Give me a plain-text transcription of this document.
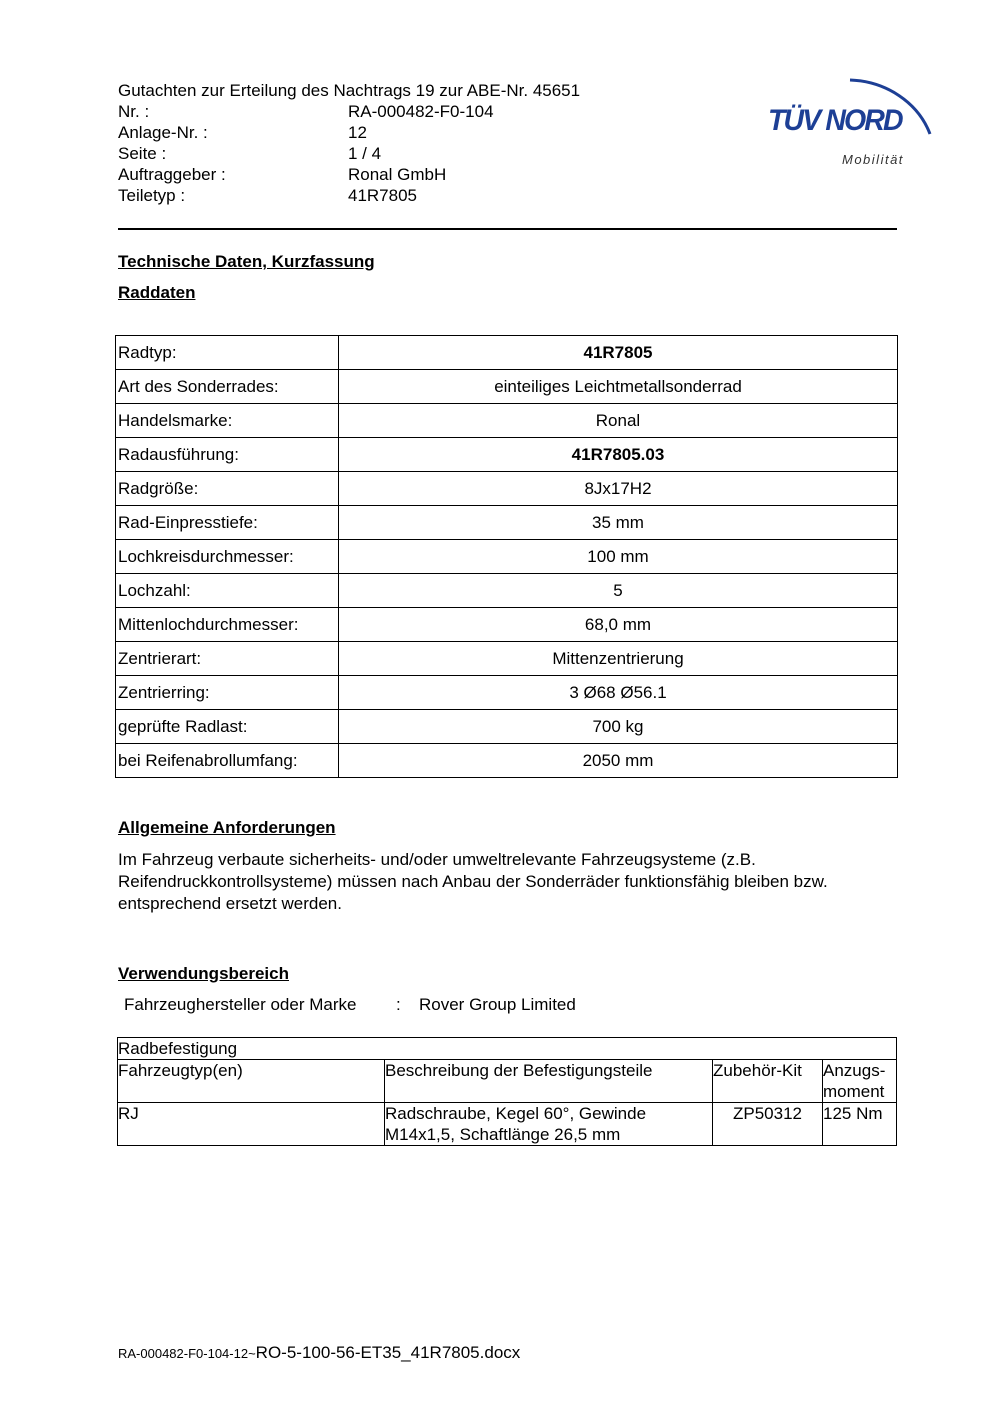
Gutachten zur Erteilung des Nachtrags 19 zur ABE-Nr. 45651
Nr. :	RA-000482-F0-104
Anlage-Nr. :	12
Seite :	1 / 4
Auftraggeber :	Ronal GmbH
Teiletyp :	41R7805
TÜV NORD
Mobilität
Technische Daten, Kurzfassung
Raddaten
Radtyp:	41R7805
Art des Sonderrades:	einteiliges Leichtmetallsonderrad
Handelsmarke:	Ronal
Radausführung:	41R7805.03
Radgröße:	8Jx17H2
Rad-Einpresstiefe:	35 mm
Lochkreisdurchmesser:	100 mm
Lochzahl:	5
Mittenlochdurchmesser:	68,0 mm
Zentrierart:	Mittenzentrierung
Zentrierring:	3 Ø68 Ø56.1
geprüfte Radlast:	700 kg
bei Reifenabrollumfang:	2050 mm
Allgemeine Anforderungen
Im Fahrzeug verbaute sicherheits- und/oder umweltrelevante Fahrzeugsysteme (z.B. Reifendruckkontrollsysteme) müssen nach Anbau der Sonderräder funktionsfähig bleiben bzw. entsprechend ersetzt werden.
Verwendungsbereich
Fahrzeughersteller oder Marke	:	Rover Group Limited
Radbefestigung			
Fahrzeugtyp(en)	Beschreibung der Befestigungsteile	Zubehör-Kit	Anzugs-
moment
RJ	Radschraube, Kegel 60°, Gewinde M14x1,5, Schaftlänge 26,5 mm	ZP50312	125 Nm
RA-000482-F0-104-12~RO-5-100-56-ET35_41R7805.docx
